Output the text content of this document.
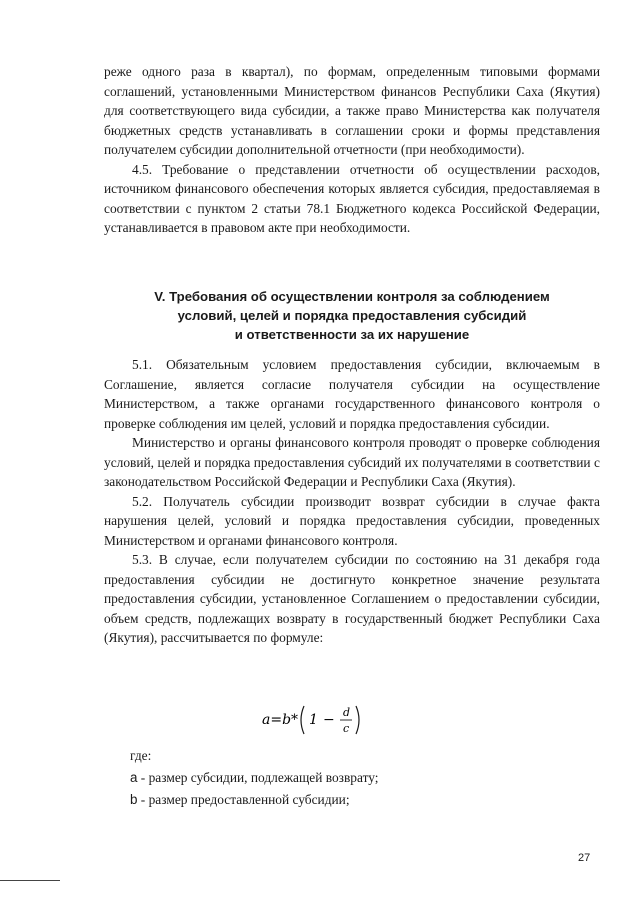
реже одного раза в квартал), по формам, определенным типовыми формами соглашений, установленными Министерством финансов Республики Саха (Якутия) для соответствующего вида субсидии, а также право Министерства как получателя бюджетных средств устанавливать в соглашении сроки и формы представления получателем субсидии дополнительной отчетности (при необходимости).

4.5. Требование о представлении отчетности об осуществлении расходов, источником финансового обеспечения которых является субсидия, предоставляемая в соответствии с пунктом 2 статьи 78.1 Бюджетного кодекса Российской Федерации, устанавливается в правовом акте при необходимости.

V. Требования об осуществлении контроля за соблюдением
условий, целей и порядка предоставления субсидий
и ответственности за их нарушение

5.1. Обязательным условием предоставления субсидии, включаемым в Соглашение, является согласие получателя субсидии на осуществление Министерством, а также органами государственного финансового контроля о проверке соблюдения им целей, условий и порядка предоставления субсидии.

Министерство и органы финансового контроля проводят о проверке соблюдения условий, целей и порядка предоставления субсидий их получателями в соответствии с законодательством Российской Федерации и Республики Саха (Якутия).

5.2. Получатель субсидии производит возврат субсидии в случае факта нарушения целей, условий и порядка предоставления субсидии, проведенных Министерством и органами финансового контроля.

5.3. В случае, если получателем субсидии по состоянию на 31 декабря года предоставления субсидии не достигнуто конкретное значение результата предоставления субсидии, установленное Соглашением о предоставлении субсидии, объем средств, подлежащих возврату в государственный бюджет Республики Саха (Якутия), рассчитывается по формуле:

a=b* 1 − d
c
где:
a - размер субсидии, подлежащей возврату;
b - размер предоставленной субсидии;
27
